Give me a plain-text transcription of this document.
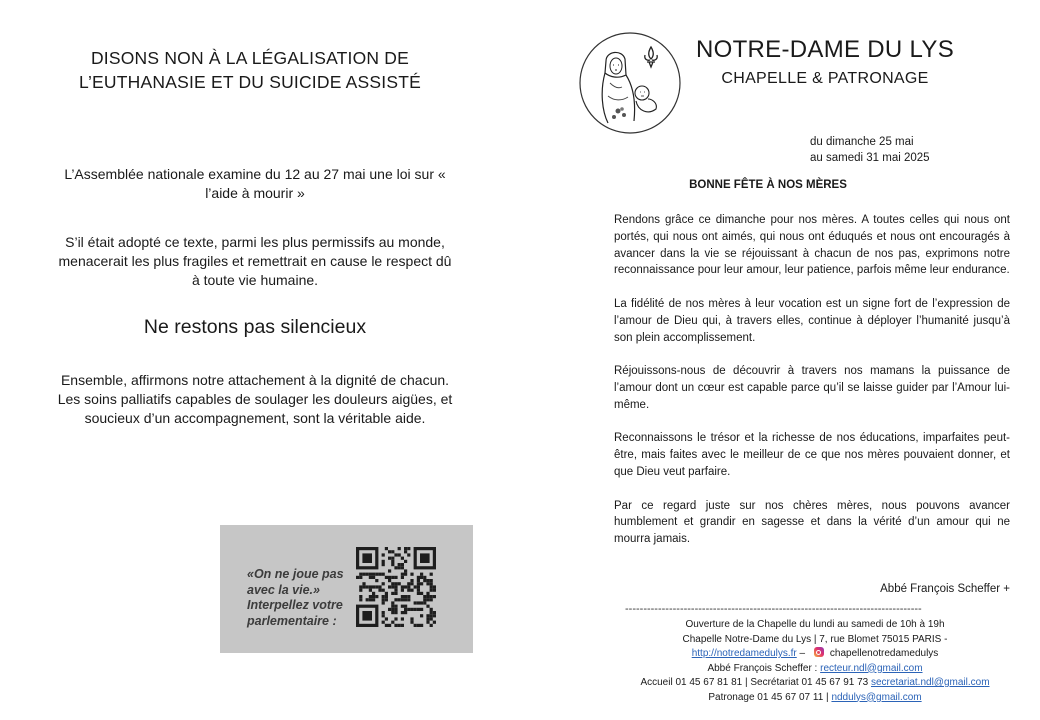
DISONS NON À LA LÉGALISATION DE
L’EUTHANASIE ET DU SUICIDE ASSISTÉ
L’Assemblée nationale examine du 12 au 27 mai une loi sur « l’aide à mourir »
S’il était adopté ce texte, parmi les plus permissifs au monde, menacerait les plus fragiles et remettrait en cause le respect dû à toute vie humaine.
Ne restons pas silencieux
Ensemble, affirmons notre attachement à la dignité de chacun. Les soins palliatifs capables de soulager les douleurs aigües, et soucieux d’un accompagnement, sont la véritable aide.
«On ne joue pas
avec la vie.»
Interpellez votre
parlementaire :
NOTRE-DAME DU LYS
CHAPELLE & PATRONAGE
du dimanche 25 mai
au samedi 31 mai 2025
BONNE FÊTE À NOS MÈRES

Rendons grâce ce dimanche pour nos mères. A toutes celles qui nous ont portés, qui nous ont aimés, qui nous ont éduqués et nous ont encouragés à avancer dans la vie se réjouissant à chacun de nos pas, exprimons notre reconnaissance pour leur amour, leur patience, parfois même leur endurance.

La fidélité de nos mères à leur vocation est un signe fort de l’expression de l’amour de Dieu qui, à travers elles, continue à déployer l’humanité jusqu’à son plein accomplissement.

Réjouissons-nous de découvrir à travers nos mamans la puissance de l’amour dont un cœur est capable parce qu’il se laisse guider par l’Amour lui-même.

Reconnaissons le trésor et la richesse de nos éducations, imparfaites peut-être, mais faites avec le meilleur de ce que nos mères pouvaient donner, et que Dieu veut parfaire.

Par ce regard juste sur nos chères mères, nous pouvons avancer humblement et grandir en sagesse et dans la vérité d’un amour qui ne mourra jamais.

Abbé François Scheffer +
---------------------------------------------------------------------------------
Ouverture de la Chapelle du lundi au samedi de 10h à 19h
Chapelle Notre-Dame du Lys | 7, rue Blomet 75015 PARIS -
http://notredamedulys.fr – chapellenotredamedulys
Abbé François Scheffer : recteur.ndl@gmail.com
Accueil 01 45 67 81 81 | Secrétariat 01 45 67 91 73 secretariat.ndl@gmail.com
Patronage 01 45 67 07 11 | nddulys@gmail.com
